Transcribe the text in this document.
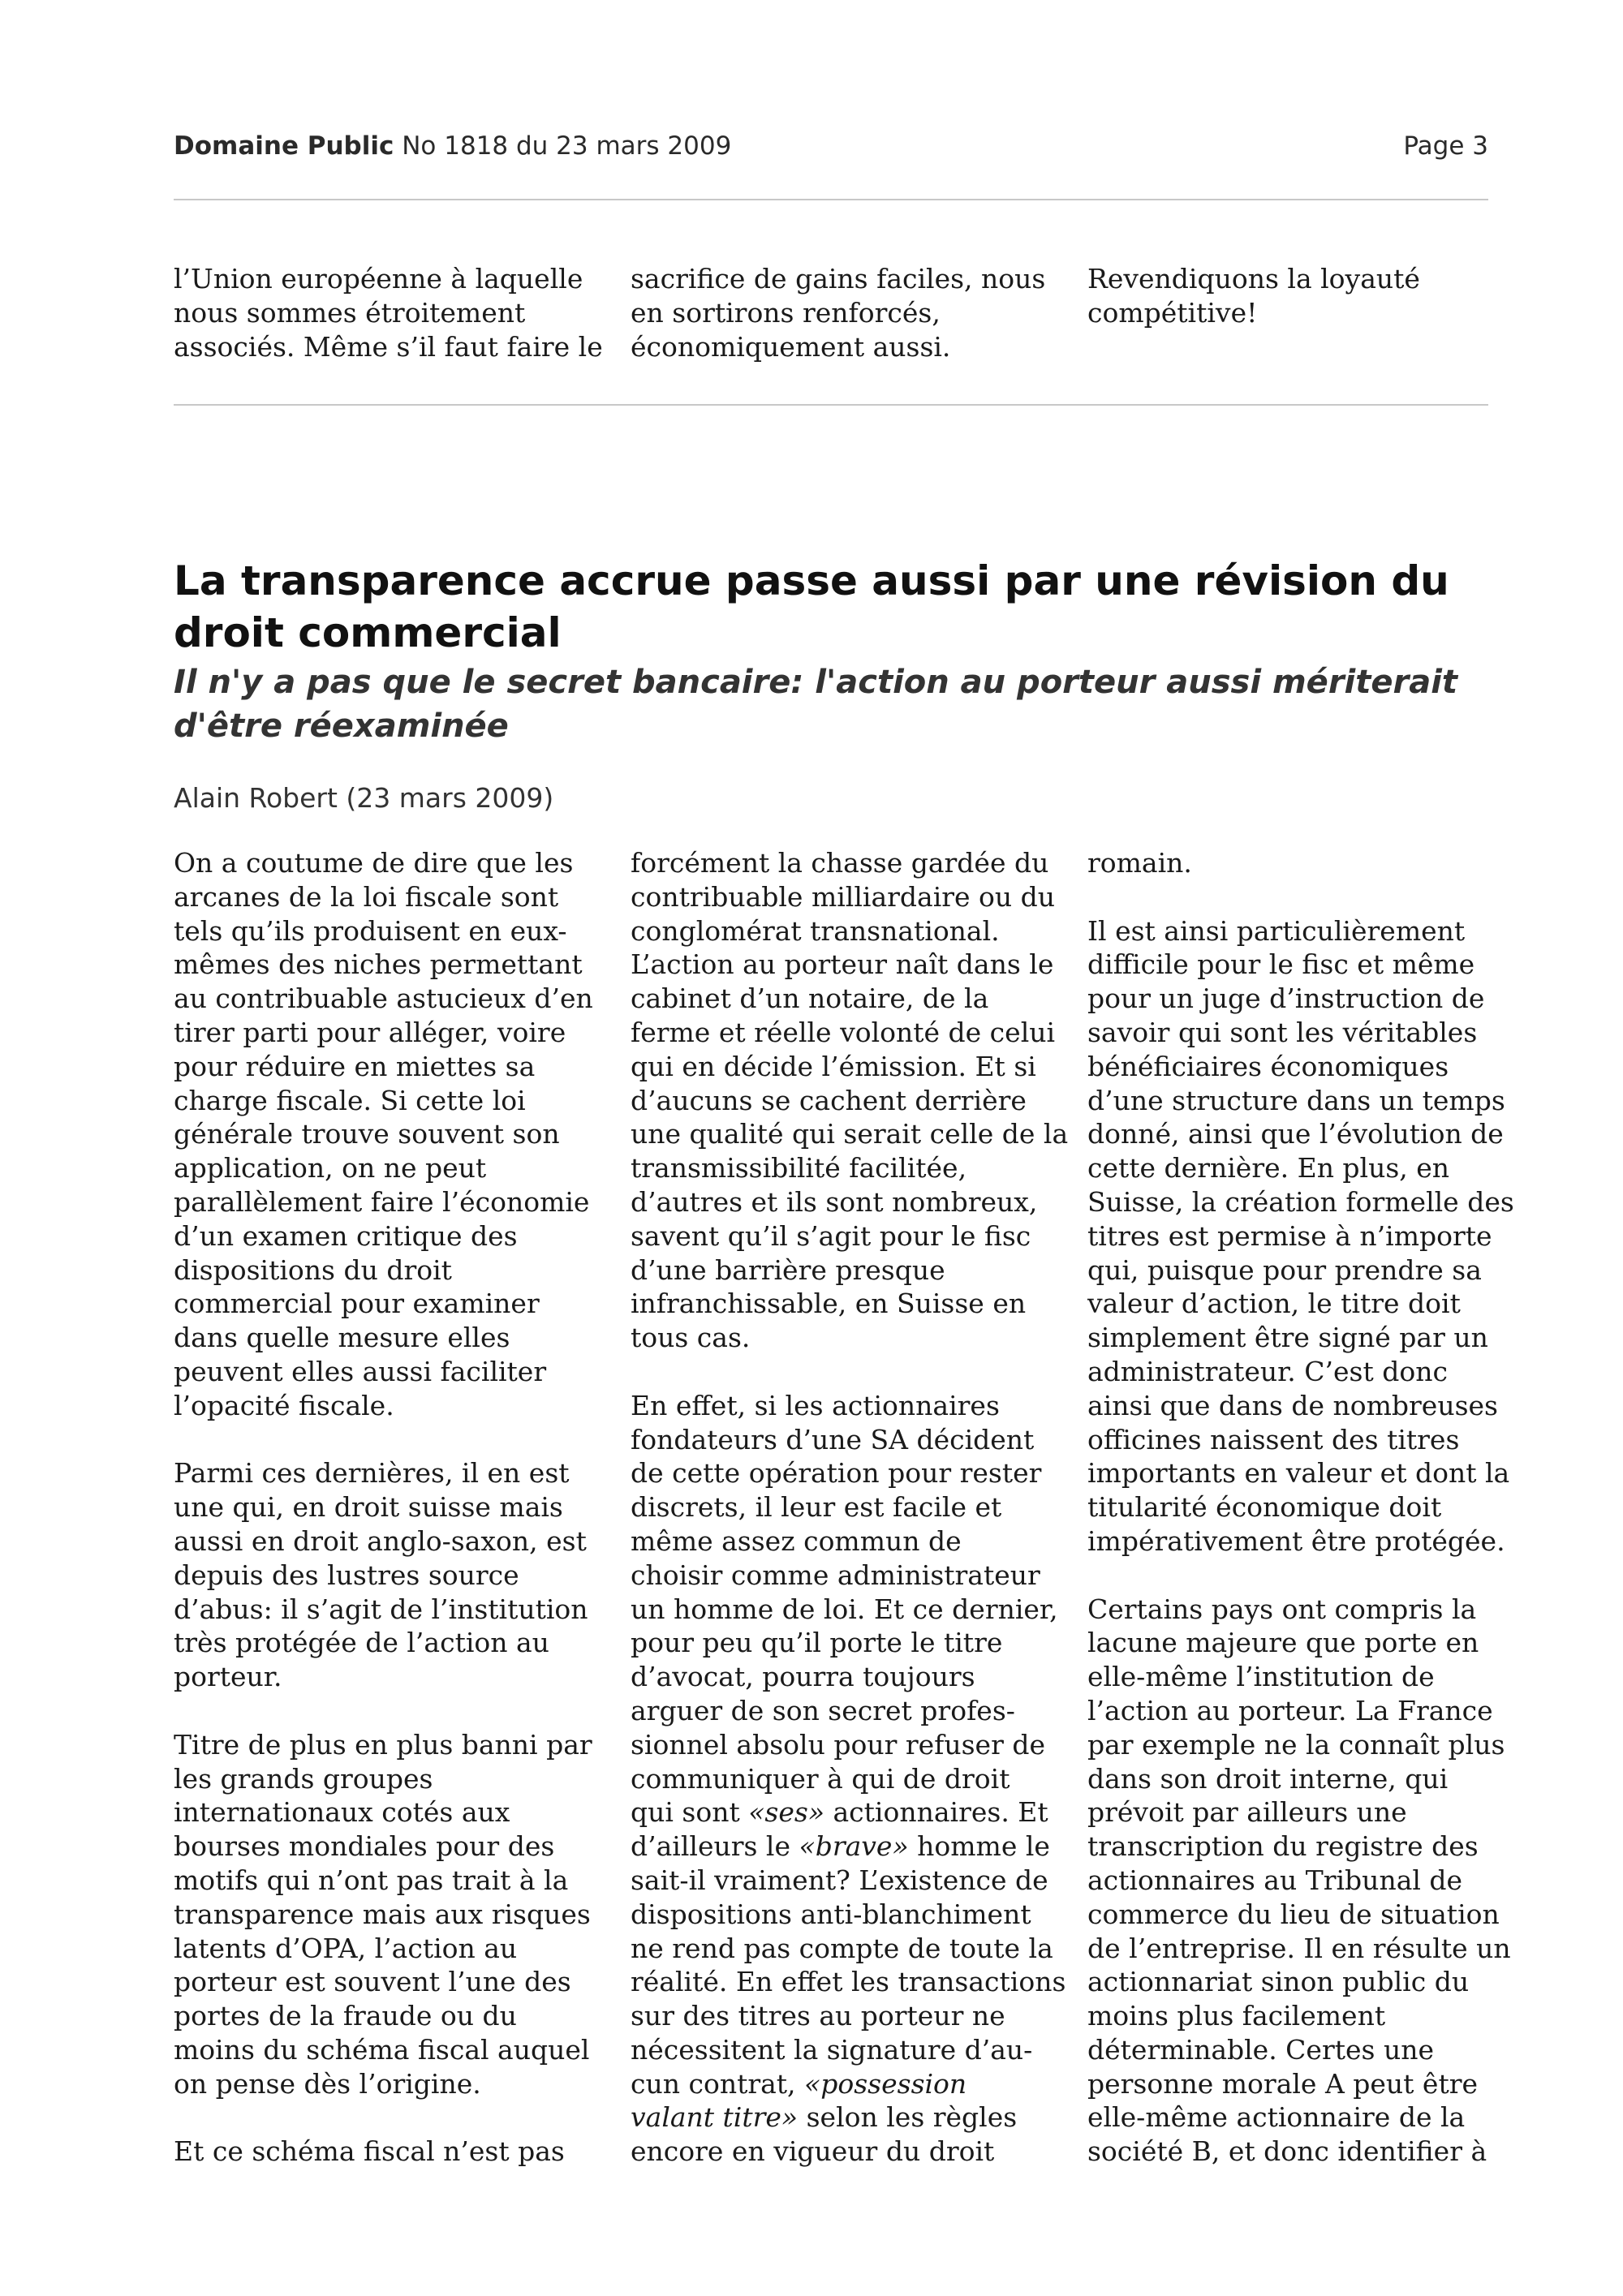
Domaine Public No 1818 du 23 mars 2009	Page 3
l’Union européenne à laquelle
nous sommes étroitement
associés. Même s’il faut faire le
sacrifice de gains faciles, nous
en sortirons renforcés,
économiquement aussi.
Revendiquons la loyauté
compétitive!
La transparence accrue passe aussi par une révision du droit commercial
Il n'y a pas que le secret bancaire: l'action au porteur aussi mériterait d'être réexaminée
Alain Robert (23 mars 2009)

On a coutume de dire que les
arcanes de la loi fiscale sont
tels qu’ils produisent en eux-
mêmes des niches permettant
au contribuable astucieux d’en
tirer parti pour alléger, voire
pour réduire en miettes sa
charge fiscale. Si cette loi
générale trouve souvent son
application, on ne peut
parallèlement faire l’économie
d’un examen critique des
dispositions du droit
commercial pour examiner
dans quelle mesure elles
peuvent elles aussi faciliter
l’opacité fiscale.

Parmi ces dernières, il en est
une qui, en droit suisse mais
aussi en droit anglo-saxon, est
depuis des lustres source
d’abus: il s’agit de l’institution
très protégée de l’action au
porteur.

Titre de plus en plus banni par
les grands groupes
internationaux cotés aux
bourses mondiales pour des
motifs qui n’ont pas trait à la
transparence mais aux risques
latents d’OPA, l’action au
porteur est souvent l’une des
portes de la fraude ou du
moins du schéma fiscal auquel
on pense dès l’origine.

Et ce schéma fiscal n’est pas

forcément la chasse gardée du
contribuable milliardaire ou du
conglomérat transnational.
L’action au porteur naît dans le
cabinet d’un notaire, de la
ferme et réelle volonté de celui
qui en décide l’émission. Et si
d’aucuns se cachent derrière
une qualité qui serait celle de la
transmissibilité facilitée,
d’autres et ils sont nombreux,
savent qu’il s’agit pour le fisc
d’une barrière presque
infranchissable, en Suisse en
tous cas.

En effet, si les actionnaires
fondateurs d’une SA décident
de cette opération pour rester
discrets, il leur est facile et
même assez commun de
choisir comme administrateur
un homme de loi. Et ce dernier,
pour peu qu’il porte le titre
d’avocat, pourra toujours
arguer de son secret profes-
sionnel absolu pour refuser de
communiquer à qui de droit
qui sont «ses» actionnaires. Et
d’ailleurs le «brave» homme le
sait-il vraiment? L’existence de
dispositions anti-blanchiment
ne rend pas compte de toute la
réalité. En effet les transactions
sur des titres au porteur ne
nécessitent la signature d’au-
cun contrat, «possession
valant titre» selon les règles
encore en vigueur du droit

romain.

Il est ainsi particulièrement
difficile pour le fisc et même
pour un juge d’instruction de
savoir qui sont les véritables
bénéficiaires économiques
d’une structure dans un temps
donné, ainsi que l’évolution de
cette dernière. En plus, en
Suisse, la création formelle des
titres est permise à n’importe
qui, puisque pour prendre sa
valeur d’action, le titre doit
simplement être signé par un
administrateur. C’est donc
ainsi que dans de nombreuses
officines naissent des titres
importants en valeur et dont la
titularité économique doit
impérativement être protégée.

Certains pays ont compris la
lacune majeure que porte en
elle-même l’institution de
l’action au porteur. La France
par exemple ne la connaît plus
dans son droit interne, qui
prévoit par ailleurs une
transcription du registre des
actionnaires au Tribunal de
commerce du lieu de situation
de l’entreprise. Il en résulte un
actionnariat sinon public du
moins plus facilement
déterminable. Certes une
personne morale A peut être
elle-même actionnaire de la
société B, et donc identifier à
